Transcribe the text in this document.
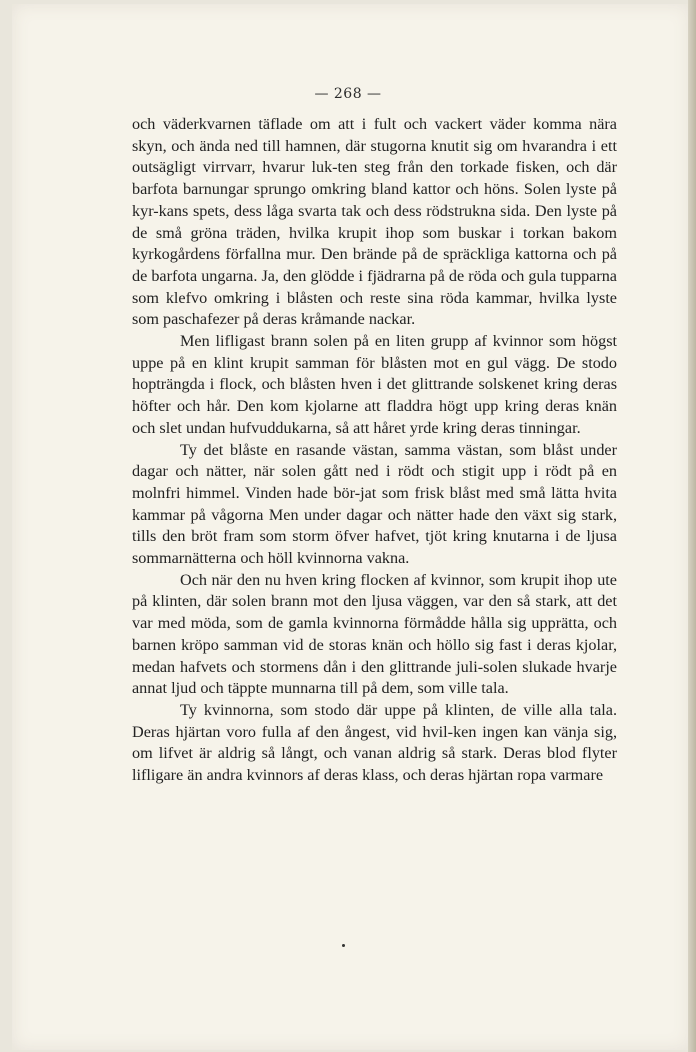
— 268 —

och väderkvarnen täflade om att i fult och vackert väder komma nära skyn, och ända ned till hamnen, där stugorna knutit sig om hvarandra i ett outsägligt virrvarr, hvarur luk-ten steg från den torkade fisken, och där barfota barnungar sprungo omkring bland kattor och höns. Solen lyste på kyr-kans spets, dess låga svarta tak och dess rödstrukna sida. Den lyste på de små gröna träden, hvilka krupit ihop som buskar i torkan bakom kyrkogårdens förfallna mur. Den brände på de spräckliga kattorna och på de barfota ungarna. Ja, den glödde i fjädrarna på de röda och gula tupparna som klefvo omkring i blåsten och reste sina röda kammar, hvilka lyste som paschafezer på deras kråmande nackar.

Men lifligast brann solen på en liten grupp af kvinnor som högst uppe på en klint krupit samman för blåsten mot en gul vägg. De stodo hopträngda i flock, och blåsten hven i det glittrande solskenet kring deras höfter och hår. Den kom kjolarne att fladdra högt upp kring deras knän och slet undan hufvuddukarna, så att håret yrde kring deras tinningar.

Ty det blåste en rasande västan, samma västan, som blåst under dagar och nätter, när solen gått ned i rödt och stigit upp i rödt på en molnfri himmel. Vinden hade bör-jat som frisk blåst med små lätta hvita kammar på vågorna Men under dagar och nätter hade den växt sig stark, tills den bröt fram som storm öfver hafvet, tjöt kring knutarna i de ljusa sommarnätterna och höll kvinnorna vakna.

Och när den nu hven kring flocken af kvinnor, som krupit ihop ute på klinten, där solen brann mot den ljusa väggen, var den så stark, att det var med möda, som de gamla kvinnorna förmådde hålla sig upprätta, och barnen kröpo samman vid de storas knän och höllo sig fast i deras kjolar, medan hafvets och stormens dån i den glittrande juli-solen slukade hvarje annat ljud och täppte munnarna till på dem, som ville tala.

Ty kvinnorna, som stodo där uppe på klinten, de ville alla tala. Deras hjärtan voro fulla af den ångest, vid hvil-ken ingen kan vänja sig, om lifvet är aldrig så långt, och vanan aldrig så stark. Deras blod flyter lifligare än andra kvinnors af deras klass, och deras hjärtan ropa varmare
